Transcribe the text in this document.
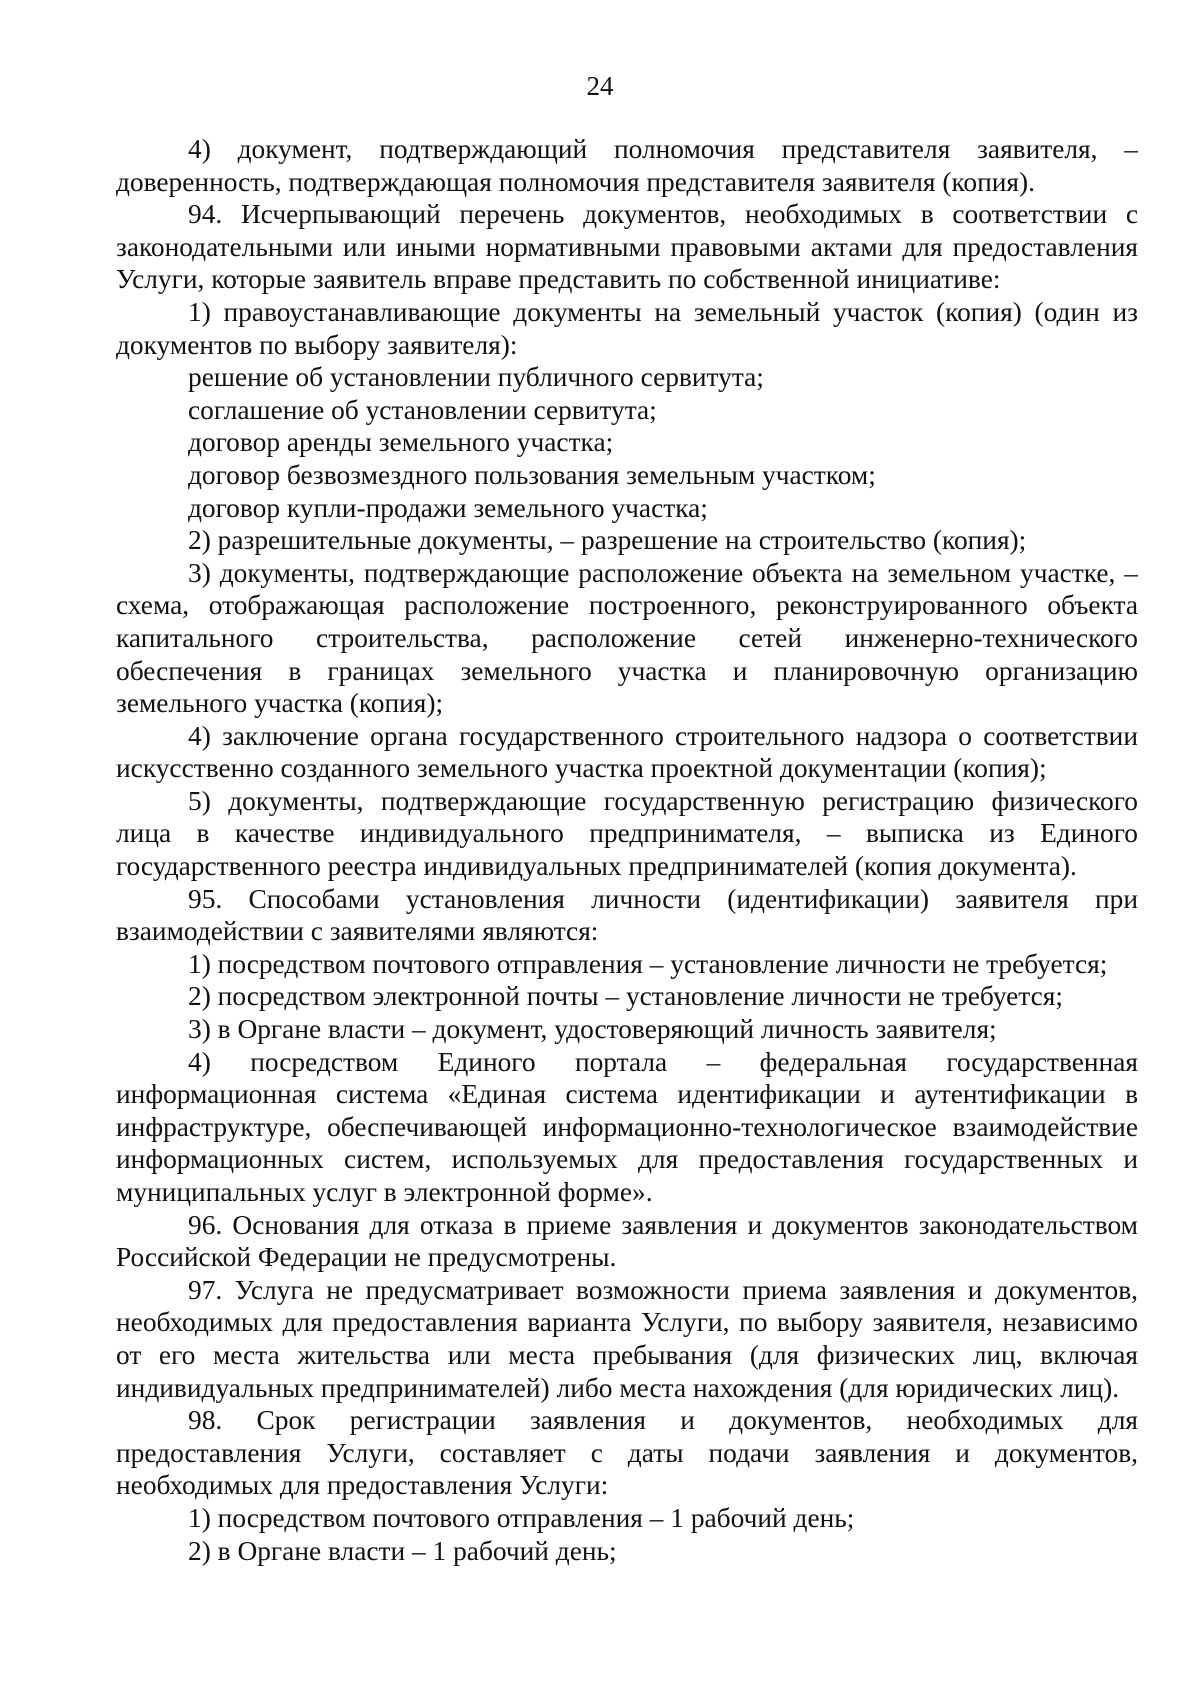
24

4) документ, подтверждающий полномочия представителя заявителя, – доверенность, подтверждающая полномочия представителя заявителя (копия).

94. Исчерпывающий перечень документов, необходимых в соответствии с законодательными или иными нормативными правовыми актами для предоставления Услуги, которые заявитель вправе представить по собственной инициативе:

1) правоустанавливающие документы на земельный участок (копия) (один из документов по выбору заявителя):

решение об установлении публичного сервитута;

соглашение об установлении сервитута;

договор аренды земельного участка;

договор безвозмездного пользования земельным участком;

договор купли-продажи земельного участка;

2) разрешительные документы, – разрешение на строительство (копия);

3) документы, подтверждающие расположение объекта на земельном участке, – схема, отображающая расположение построенного, реконструированного объекта капитального строительства, расположение сетей инженерно-технического обеспечения в границах земельного участка и планировочную организацию земельного участка (копия);

4) заключение органа государственного строительного надзора о соответствии искусственно созданного земельного участка проектной документации (копия);

5) документы, подтверждающие государственную регистрацию физического лица в качестве индивидуального предпринимателя, – выписка из Единого государственного реестра индивидуальных предпринимателей (копия документа).

95. Способами установления личности (идентификации) заявителя при взаимодействии с заявителями являются:

1) посредством почтового отправления – установление личности не требуется;

2) посредством электронной почты – установление личности не требуется;

3) в Органе власти – документ, удостоверяющий личность заявителя;

4) посредством Единого портала – федеральная государственная информационная система «Единая система идентификации и аутентификации в инфраструктуре, обеспечивающей информационно-технологическое взаимодействие информационных систем, используемых для предоставления государственных и муниципальных услуг в электронной форме».

96. Основания для отказа в приеме заявления и документов законодательством Российской Федерации не предусмотрены.

97. Услуга не предусматривает возможности приема заявления и документов, необходимых для предоставления варианта Услуги, по выбору заявителя, независимо от его места жительства или места пребывания (для физических лиц, включая индивидуальных предпринимателей) либо места нахождения (для юридических лиц).

98. Срок регистрации заявления и документов, необходимых для предоставления Услуги, составляет с даты подачи заявления и документов, необходимых для предоставления Услуги:

1) посредством почтового отправления – 1 рабочий день;

2) в Органе власти – 1 рабочий день;
